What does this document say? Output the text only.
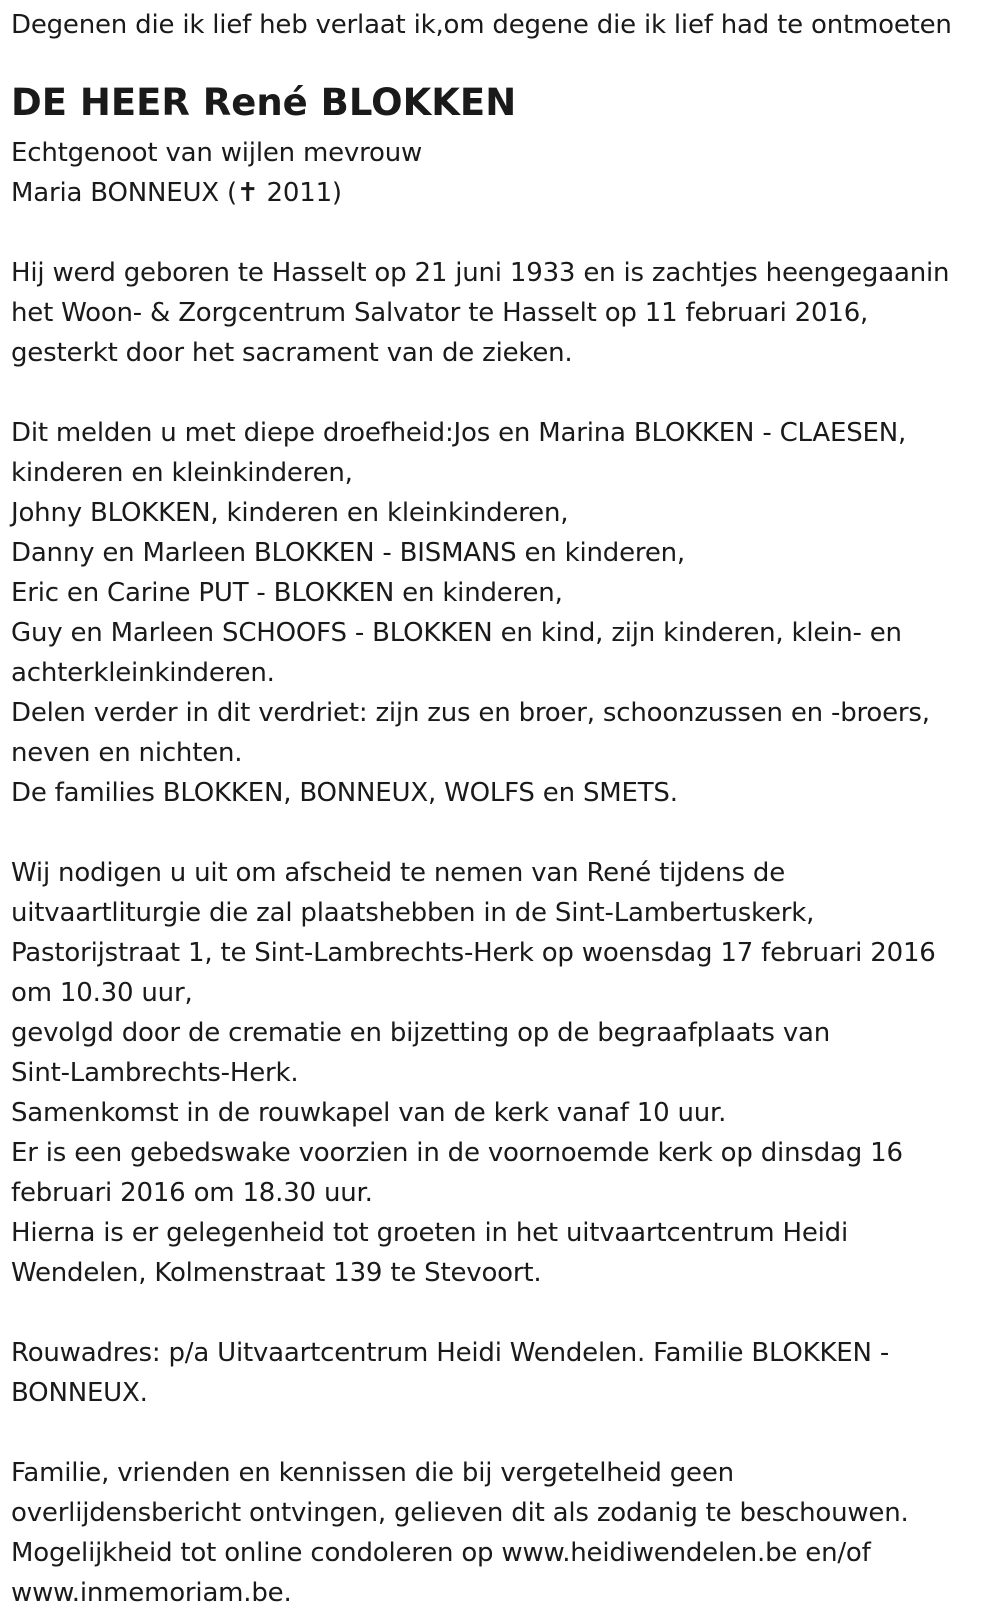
Degenen die ik lief heb verlaat ik,om degene die ik lief had te ontmoeten
DE HEER René BLOKKEN
Echtgenoot van wijlen mevrouw
Maria BONNEUX (✝ 2011)
Hij werd geboren te Hasselt op 21 juni 1933 en is zachtjes heengegaanin
het Woon- & Zorgcentrum Salvator te Hasselt op 11 februari 2016,
gesterkt door het sacrament van de zieken.
Dit melden u met diepe droefheid:Jos en Marina BLOKKEN - CLAESEN,
kinderen en kleinkinderen,
Johny BLOKKEN, kinderen en kleinkinderen,
Danny en Marleen BLOKKEN - BISMANS en kinderen,
Eric en Carine PUT - BLOKKEN en kinderen,
Guy en Marleen SCHOOFS - BLOKKEN en kind, zijn kinderen, klein- en
achterkleinkinderen.
Delen verder in dit verdriet: zijn zus en broer, schoonzussen en -broers,
neven en nichten.
De families BLOKKEN, BONNEUX, WOLFS en SMETS.
Wij nodigen u uit om afscheid te nemen van René tijdens de
uitvaartliturgie die zal plaatshebben in de Sint-Lambertuskerk,
Pastorijstraat 1, te Sint-Lambrechts-Herk op woensdag 17 februari 2016
om 10.30 uur,
gevolgd door de crematie en bijzetting op de begraafplaats van
Sint-Lambrechts-Herk.
Samenkomst in de rouwkapel van de kerk vanaf 10 uur.
Er is een gebedswake voorzien in de voornoemde kerk op dinsdag 16
februari 2016 om 18.30 uur.
Hierna is er gelegenheid tot groeten in het uitvaartcentrum Heidi
Wendelen, Kolmenstraat 139 te Stevoort.
Rouwadres: p/a Uitvaartcentrum Heidi Wendelen. Familie BLOKKEN -
BONNEUX.
Familie, vrienden en kennissen die bij vergetelheid geen
overlijdensbericht ontvingen, gelieven dit als zodanig te beschouwen.
Mogelijkheid tot online condoleren op www.heidiwendelen.be en/of
www.inmemoriam.be.
